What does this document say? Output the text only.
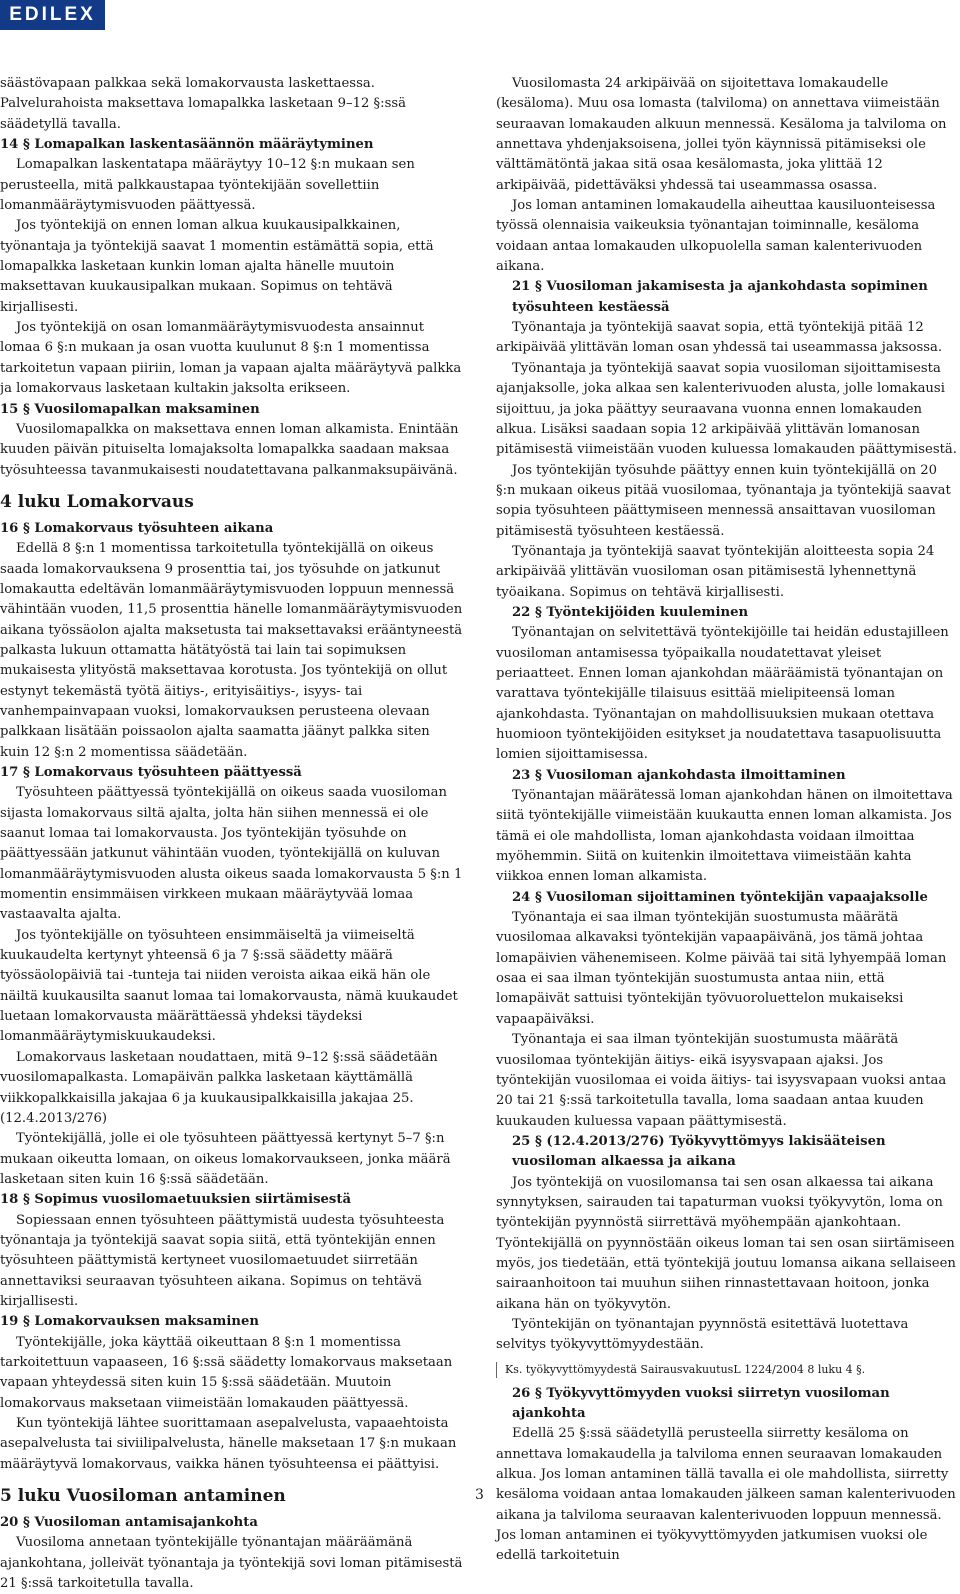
EDILEX

säästövapaan palkkaa sekä lomakorvausta laskettaessa. Palvelurahoista maksettava lomapalkka lasketaan 9–12 §:ssä säädetyllä tavalla.

14 § Lomapalkan laskentasäännön määräytyminen

Lomapalkan laskentatapa määräytyy 10–12 §:n mukaan sen perusteella, mitä palkkaustapaa työntekijään sovellettiin lomanmääräytymisvuoden päättyessä.

Jos työntekijä on ennen loman alkua kuukausipalkkainen, työnantaja ja työntekijä saavat 1 momentin estämättä sopia, että lomapalkka lasketaan kunkin loman ajalta hänelle muutoin maksettavan kuukausipalkan mukaan. Sopimus on tehtävä kirjallisesti.

Jos työntekijä on osan lomanmääräytymisvuodesta ansainnut lomaa 6 §:n mukaan ja osan vuotta kuulunut 8 §:n 1 momentissa tarkoitetun vapaan piiriin, loman ja vapaan ajalta määräytyvä palkka ja lomakorvaus lasketaan kultakin jaksolta erikseen.

15 § Vuosilomapalkan maksaminen

Vuosilomapalkka on maksettava ennen loman alkamista. Enintään kuuden päivän pituiselta lomajaksolta lomapalkka saadaan maksaa työsuhteessa tavanmukaisesti noudatettavana palkanmaksupäivänä.

4 luku Lomakorvaus
16 § Lomakorvaus työsuhteen aikana

Edellä 8 §:n 1 momentissa tarkoitetulla työntekijällä on oikeus saada lomakorvauksena 9 prosenttia tai, jos työsuhde on jatkunut lomakautta edeltävän lomanmääräytymisvuoden loppuun mennessä vähintään vuoden, 11,5 prosenttia hänelle lomanmääräytymisvuoden aikana työssäolon ajalta maksetusta tai maksettavaksi erääntyneestä palkasta lukuun ottamatta hätätyöstä tai lain tai sopimuksen mukaisesta ylityöstä maksettavaa korotusta. Jos työntekijä on ollut estynyt tekemästä työtä äitiys-, erityisäitiys-, isyys- tai vanhempainvapaan vuoksi, lomakorvauksen perusteena olevaan palkkaan lisätään poissaolon ajalta saamatta jäänyt palkka siten kuin 12 §:n 2 momentissa säädetään.

17 § Lomakorvaus työsuhteen päättyessä

Työsuhteen päättyessä työntekijällä on oikeus saada vuosiloman sijasta lomakorvaus siltä ajalta, jolta hän siihen mennessä ei ole saanut lomaa tai lomakorvausta. Jos työntekijän työsuhde on päättyessään jatkunut vähintään vuoden, työntekijällä on kuluvan lomanmääräytymisvuoden alusta oikeus saada lomakorvausta 5 §:n 1 momentin ensimmäisen virkkeen mukaan määräytyvää lomaa vastaavalta ajalta.

Jos työntekijälle on työsuhteen ensimmäiseltä ja viimeiseltä kuukaudelta kertynyt yhteensä 6 ja 7 §:ssä säädetty määrä työssäolopäiviä tai -tunteja tai niiden veroista aikaa eikä hän ole näiltä kuukausilta saanut lomaa tai lomakorvausta, nämä kuukaudet luetaan lomakorvausta määrättäessä yhdeksi täydeksi lomanmääräytymiskuukaudeksi.

Lomakorvaus lasketaan noudattaen, mitä 9–12 §:ssä säädetään vuosilomapalkasta. Lomapäivän palkka lasketaan käyttämällä viikkopalkkaisilla jakajaa 6 ja kuukausipalkkaisilla jakajaa 25. (12.4.2013/276)

Työntekijällä, jolle ei ole työsuhteen päättyessä kertynyt 5–7 §:n mukaan oikeutta lomaan, on oikeus lomakorvaukseen, jonka määrä lasketaan siten kuin 16 §:ssä säädetään.

18 § Sopimus vuosilomaetuuksien siirtämisestä

Sopiessaan ennen työsuhteen päättymistä uudesta työsuhteesta työnantaja ja työntekijä saavat sopia siitä, että työntekijän ennen työsuhteen päättymistä kertyneet vuosilomaetuudet siirretään annettaviksi seuraavan työsuhteen aikana. Sopimus on tehtävä kirjallisesti.

19 § Lomakorvauksen maksaminen

Työntekijälle, joka käyttää oikeuttaan 8 §:n 1 momentissa tarkoitettuun vapaaseen, 16 §:ssä säädetty lomakorvaus maksetaan vapaan yhteydessä siten kuin 15 §:ssä säädetään. Muutoin lomakorvaus maksetaan viimeistään lomakauden päättyessä.

Kun työntekijä lähtee suorittamaan asepalvelusta, vapaaehtoista asepalvelusta tai siviilipalvelusta, hänelle maksetaan 17 §:n mukaan määräytyvä lomakorvaus, vaikka hänen työsuhteensa ei päättyisi.

5 luku Vuosiloman antaminen
20 § Vuosiloman antamisajankohta

Vuosiloma annetaan työntekijälle työnantajan määräämänä ajankohtana, jolleivät työnantaja ja työntekijä sovi loman pitämisestä 21 §:ssä tarkoitetulla tavalla.

Vuosilomasta 24 arkipäivää on sijoitettava lomakaudelle (kesäloma). Muu osa lomasta (talviloma) on annettava viimeistään seuraavan lomakauden alkuun mennessä. Kesäloma ja talviloma on annettava yhdenjaksoisena, jollei työn käynnissä pitämiseksi ole välttämätöntä jakaa sitä osaa kesälomasta, joka ylittää 12 arkipäivää, pidettäväksi yhdessä tai useammassa osassa.

Jos loman antaminen lomakaudella aiheuttaa kausiluonteisessa työssä olennaisia vaikeuksia työnantajan toiminnalle, kesäloma voidaan antaa lomakauden ulkopuolella saman kalenterivuoden aikana.

21 § Vuosiloman jakamisesta ja ajankohdasta sopiminen työsuhteen kestäessä

Työnantaja ja työntekijä saavat sopia, että työntekijä pitää 12 arkipäivää ylittävän loman osan yhdessä tai useammassa jaksossa.

Työnantaja ja työntekijä saavat sopia vuosiloman sijoittamisesta ajanjaksolle, joka alkaa sen kalenterivuoden alusta, jolle lomakausi sijoittuu, ja joka päättyy seuraavana vuonna ennen lomakauden alkua. Lisäksi saadaan sopia 12 arkipäivää ylittävän lomanosan pitämisestä viimeistään vuoden kuluessa lomakauden päättymisestä.

Jos työntekijän työsuhde päättyy ennen kuin työntekijällä on 20 §:n mukaan oikeus pitää vuosilomaa, työnantaja ja työntekijä saavat sopia työsuhteen päättymiseen mennessä ansaittavan vuosiloman pitämisestä työsuhteen kestäessä.

Työnantaja ja työntekijä saavat työntekijän aloitteesta sopia 24 arkipäivää ylittävän vuosiloman osan pitämisestä lyhennettynä työaikana. Sopimus on tehtävä kirjallisesti.

22 § Työntekijöiden kuuleminen

Työnantajan on selvitettävä työntekijöille tai heidän edustajilleen vuosiloman antamisessa työpaikalla noudatettavat yleiset periaatteet. Ennen loman ajankohdan määräämistä työnantajan on varattava työntekijälle tilaisuus esittää mielipiteensä loman ajankohdasta. Työnantajan on mahdollisuuksien mukaan otettava huomioon työntekijöiden esitykset ja noudatettava tasapuolisuutta lomien sijoittamisessa.

23 § Vuosiloman ajankohdasta ilmoittaminen

Työnantajan määrätessä loman ajankohdan hänen on ilmoitettava siitä työntekijälle viimeistään kuukautta ennen loman alkamista. Jos tämä ei ole mahdollista, loman ajankohdasta voidaan ilmoittaa myöhemmin. Siitä on kuitenkin ilmoitettava viimeistään kahta viikkoa ennen loman alkamista.

24 § Vuosiloman sijoittaminen työntekijän vapaajaksolle

Työnantaja ei saa ilman työntekijän suostumusta määrätä vuosilomaa alkavaksi työntekijän vapaapäivänä, jos tämä johtaa lomapäivien vähenemiseen. Kolme päivää tai sitä lyhyempää loman osaa ei saa ilman työntekijän suostumusta antaa niin, että lomapäivät sattuisi työntekijän työvuoroluettelon mukaiseksi vapaapäiväksi.

Työnantaja ei saa ilman työntekijän suostumusta määrätä vuosilomaa työntekijän äitiys- eikä isyysvapaan ajaksi. Jos työntekijän vuosilomaa ei voida äitiys- tai isyysvapaan vuoksi antaa 20 tai 21 §:ssä tarkoitetulla tavalla, loma saadaan antaa kuuden kuukauden kuluessa vapaan päättymisestä.

25 § (12.4.2013/276) Työkyvyttömyys lakisääteisen vuosiloman alkaessa ja aikana

Jos työntekijä on vuosilomansa tai sen osan alkaessa tai aikana synnytyksen, sairauden tai tapaturman vuoksi työkyvytön, loma on työntekijän pyynnöstä siirrettävä myöhempään ajankohtaan. Työntekijällä on pyynnöstään oikeus loman tai sen osan siirtämiseen myös, jos tiedetään, että työntekijä joutuu lomansa aikana sellaiseen sairaanhoitoon tai muuhun siihen rinnastettavaan hoitoon, jonka aikana hän on työkyvytön.

Työntekijän on työnantajan pyynnöstä esitettävä luotettava selvitys työkyvyttömyydestään.

Ks. työkyvyttömyydestä SairausvakuutusL 1224/2004 8 luku 4 §.
26 § Työkyvyttömyyden vuoksi siirretyn vuosiloman ajankohta

Edellä 25 §:ssä säädetyllä perusteella siirretty kesäloma on annettava lomakaudella ja talviloma ennen seuraavan lomakauden alkua. Jos loman antaminen tällä tavalla ei ole mahdollista, siirretty kesäloma voidaan antaa lomakauden jälkeen saman kalenterivuoden aikana ja talviloma seuraavan kalenterivuoden loppuun mennessä. Jos loman antaminen ei työkyvyttömyyden jatkumisen vuoksi ole edellä tarkoitetuin

3
